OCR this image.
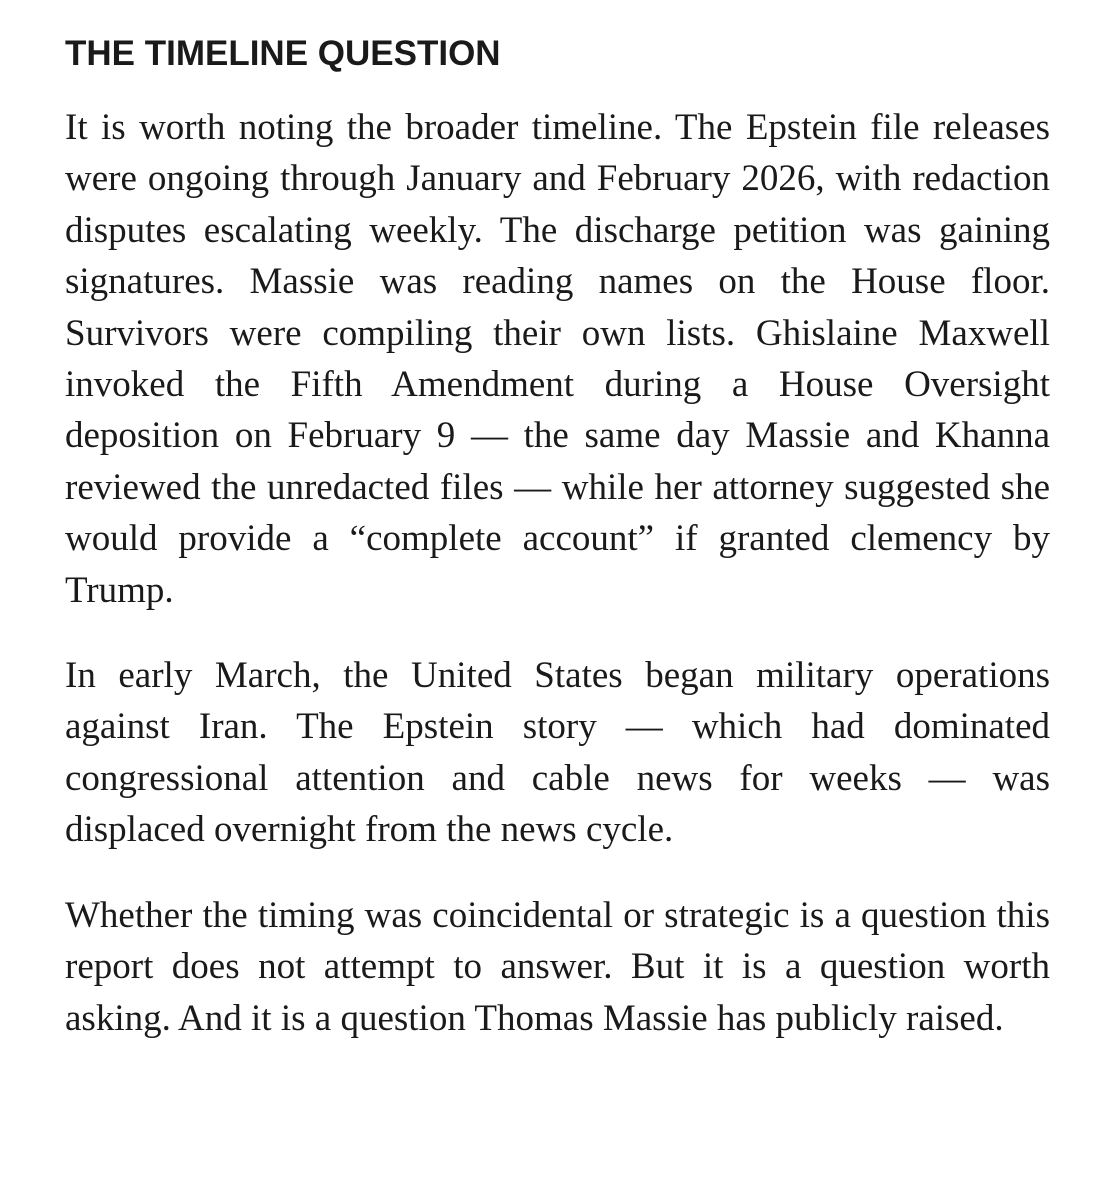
THE TIMELINE QUESTION

It is worth noting the broader timeline. The Epstein file releases were ongoing through January and February 2026, with redaction disputes escalating weekly. The discharge petition was gaining signatures. Massie was reading names on the House floor. Survivors were compiling their own lists. Ghislaine Maxwell invoked the Fifth Amendment during a House Oversight deposition on February 9 — the same day Massie and Khanna reviewed the unredacted files — while her attorney suggested she would provide a “complete account” if granted clemency by Trump.

In early March, the United States began military operations against Iran. The Epstein story — which had dominated congressional attention and cable news for weeks — was displaced overnight from the news cycle.

Whether the timing was coincidental or strategic is a question this report does not attempt to answer. But it is a question worth asking. And it is a question Thomas Massie has publicly raised.
